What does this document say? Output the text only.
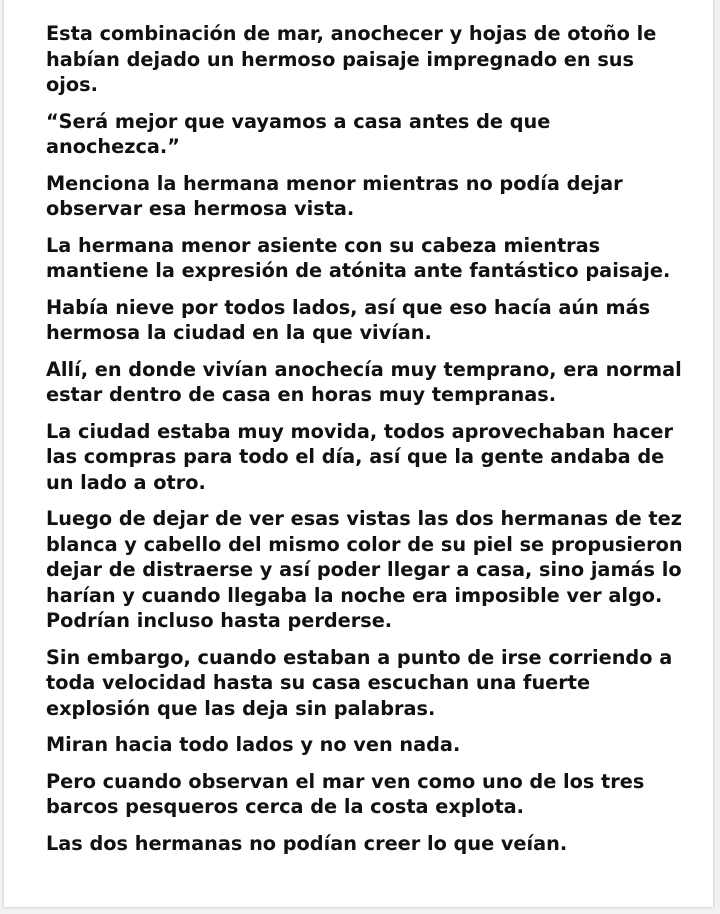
Esta combinación de mar, anochecer y hojas de otoño le habían dejado un hermoso paisaje impregnado en sus ojos.

“Será mejor que vayamos a casa antes de que anochezca.”

Menciona la hermana menor mientras no podía dejar observar esa hermosa vista.

La hermana menor asiente con su cabeza mientras mantiene la expresión de atónita ante fantástico paisaje.

Había nieve por todos lados, así que eso hacía aún más hermosa la ciudad en la que vivían.

Allí, en donde vivían anochecía muy temprano, era normal estar dentro de casa en horas muy tempranas.

La ciudad estaba muy movida, todos aprovechaban hacer las compras para todo el día, así que la gente andaba de un lado a otro.

Luego de dejar de ver esas vistas las dos hermanas de tez blanca y cabello del mismo color de su piel se propusieron dejar de distraerse y así poder llegar a casa, sino jamás lo harían y cuando llegaba la noche era imposible ver algo. Podrían incluso hasta perderse.

Sin embargo, cuando estaban a punto de irse corriendo a toda velocidad hasta su casa escuchan una fuerte explosión que las deja sin palabras.

Miran hacia todo lados y no ven nada.

Pero cuando observan el mar ven como uno de los tres barcos pesqueros cerca de la costa explota.

Las dos hermanas no podían creer lo que veían.
